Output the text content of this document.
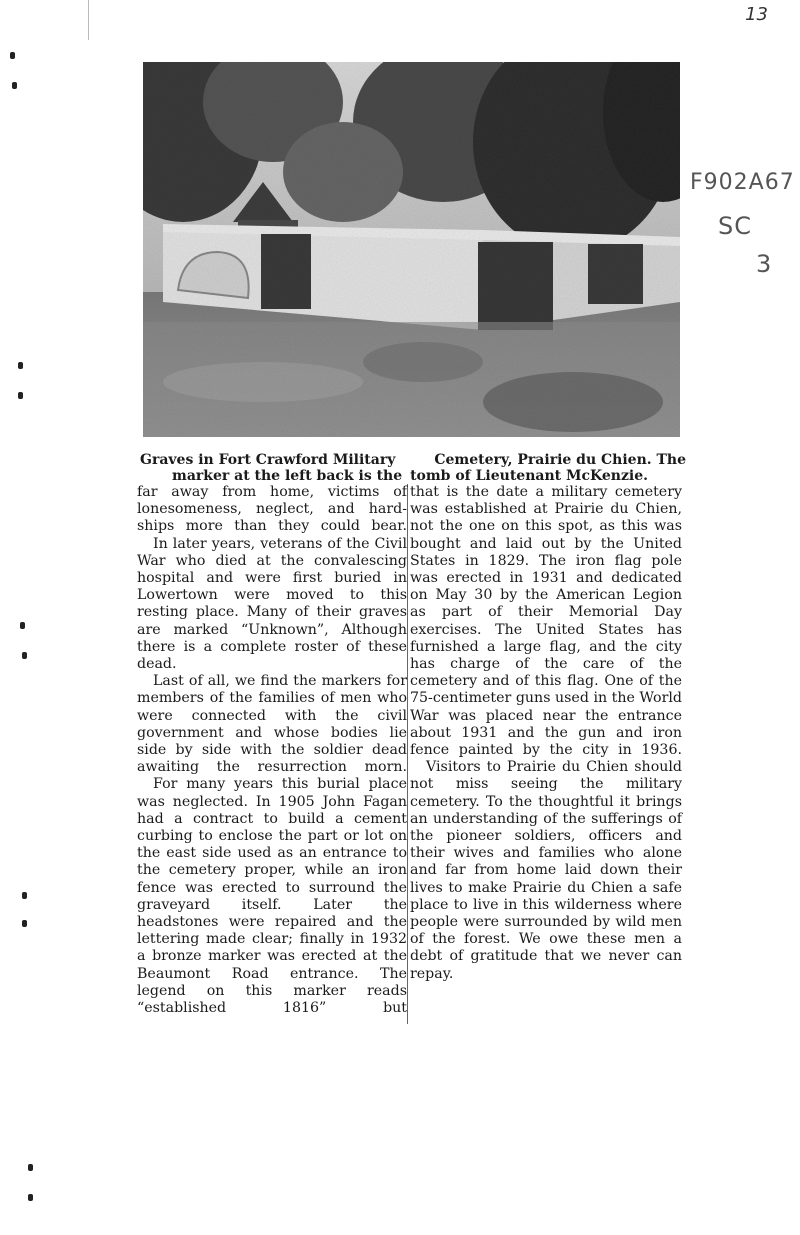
13
F902A67
SC
3
Graves in Fort Crawford Military	Cemetery, Prairie du Chien. The
marker at the left back is the tomb of Lieutenant McKenzie.

far away from home, victims of lonesomeness, neglect, and hard-ships more than they could bear.

In later years, veterans of the Civil War who died at the convalescing hospital and were first buried in Lowertown were moved to this resting place. Many of their graves are marked “Unknown”, Although there is a complete roster of these dead.

Last of all, we find the markers for members of the families of men who were connected with the civil government and whose bodies lie side by side with the soldier dead awaiting the resurrection morn.

For many years this burial place was neglected. In 1905 John Fagan had a contract to build a cement curbing to enclose the part or lot on the east side used as an entrance to the cemetery proper, while an iron fence was erected to surround the graveyard itself. Later the headstones were repaired and the lettering made clear; finally in 1932 a bronze marker was erected at the Beaumont Road entrance. The legend on this marker reads “established 1816” but

that is the date a military cemetery was established at Prairie du Chien, not the one on this spot, as this was bought and laid out by the United States in 1829. The iron flag pole was erected in 1931 and dedicated on May 30 by the American Legion as part of their Memorial Day exercises. The United States has furnished a large flag, and the city has charge of the care of the cemetery and of this flag. One of the 75-centimeter guns used in the World War was placed near the entrance about 1931 and the gun and iron fence painted by the city in 1936.

Visitors to Prairie du Chien should not miss seeing the military cemetery. To the thoughtful it brings an understanding of the sufferings of the pioneer soldiers, officers and their wives and families who alone and far from home laid down their lives to make Prairie du Chien a safe place to live in this wilderness where people were surrounded by wild men of the forest. We owe these men a debt of gratitude that we never can repay.
